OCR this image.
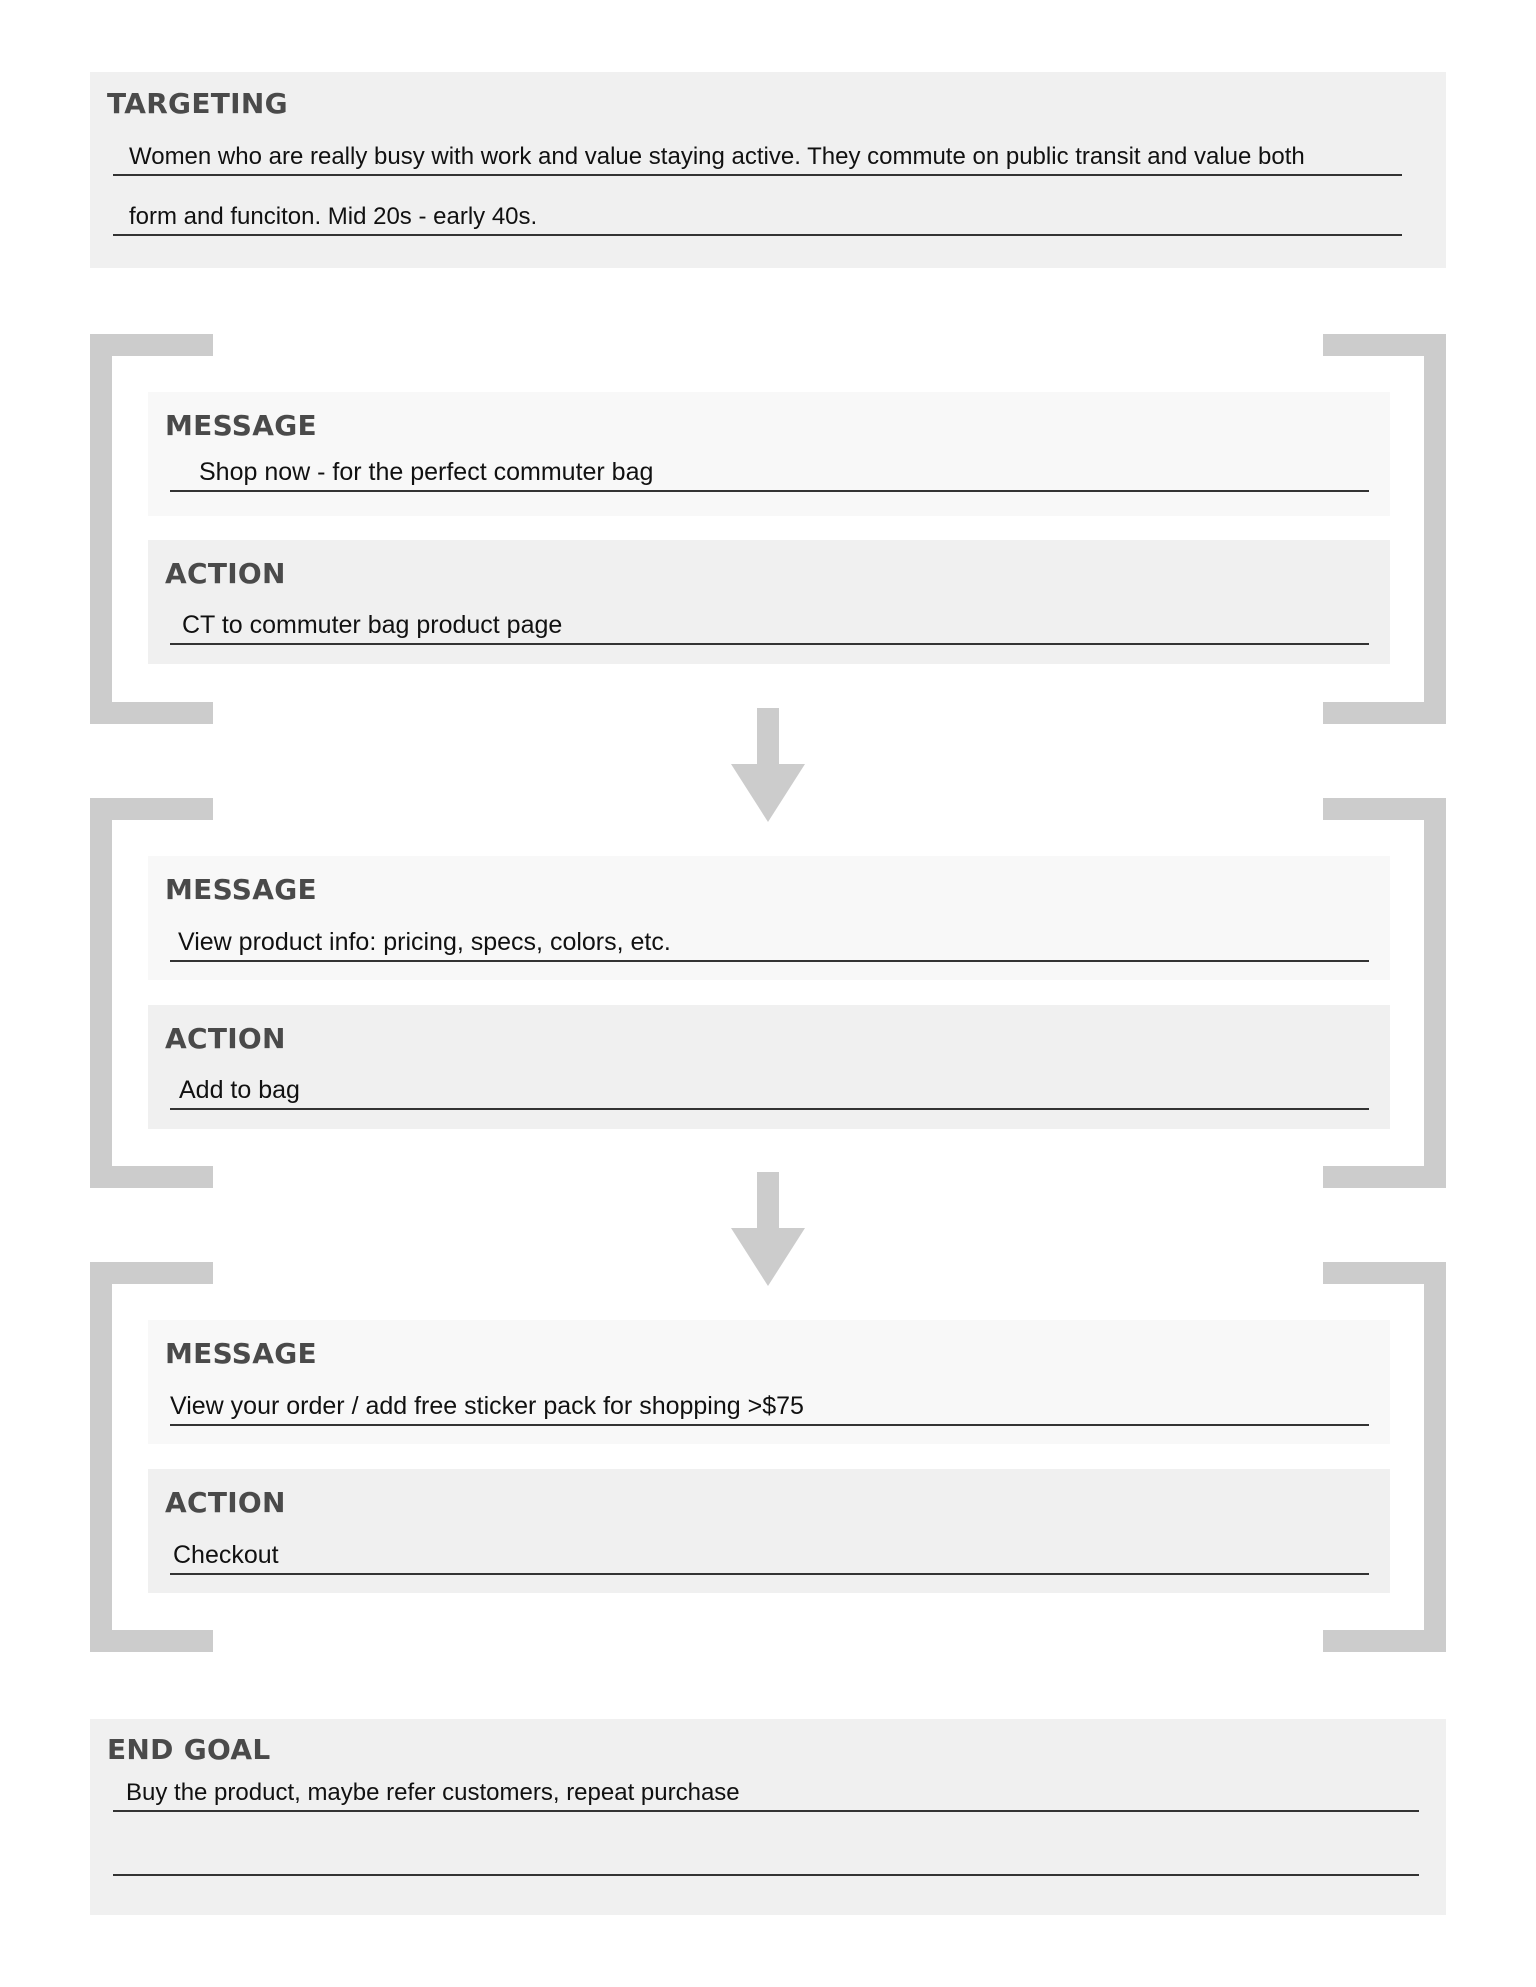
TARGETING
Women who are really busy with work and value staying active. They commute on public transit and value both
form and funciton. Mid 20s - early 40s.
MESSAGE
Shop now - for the perfect commuter bag
ACTION
CT to commuter bag product page
MESSAGE
View product info: pricing, specs, colors, etc.
ACTION
Add to bag
MESSAGE
View your order / add free sticker pack for shopping >$75
ACTION
Checkout
END GOAL
Buy the product, maybe refer customers, repeat purchase
